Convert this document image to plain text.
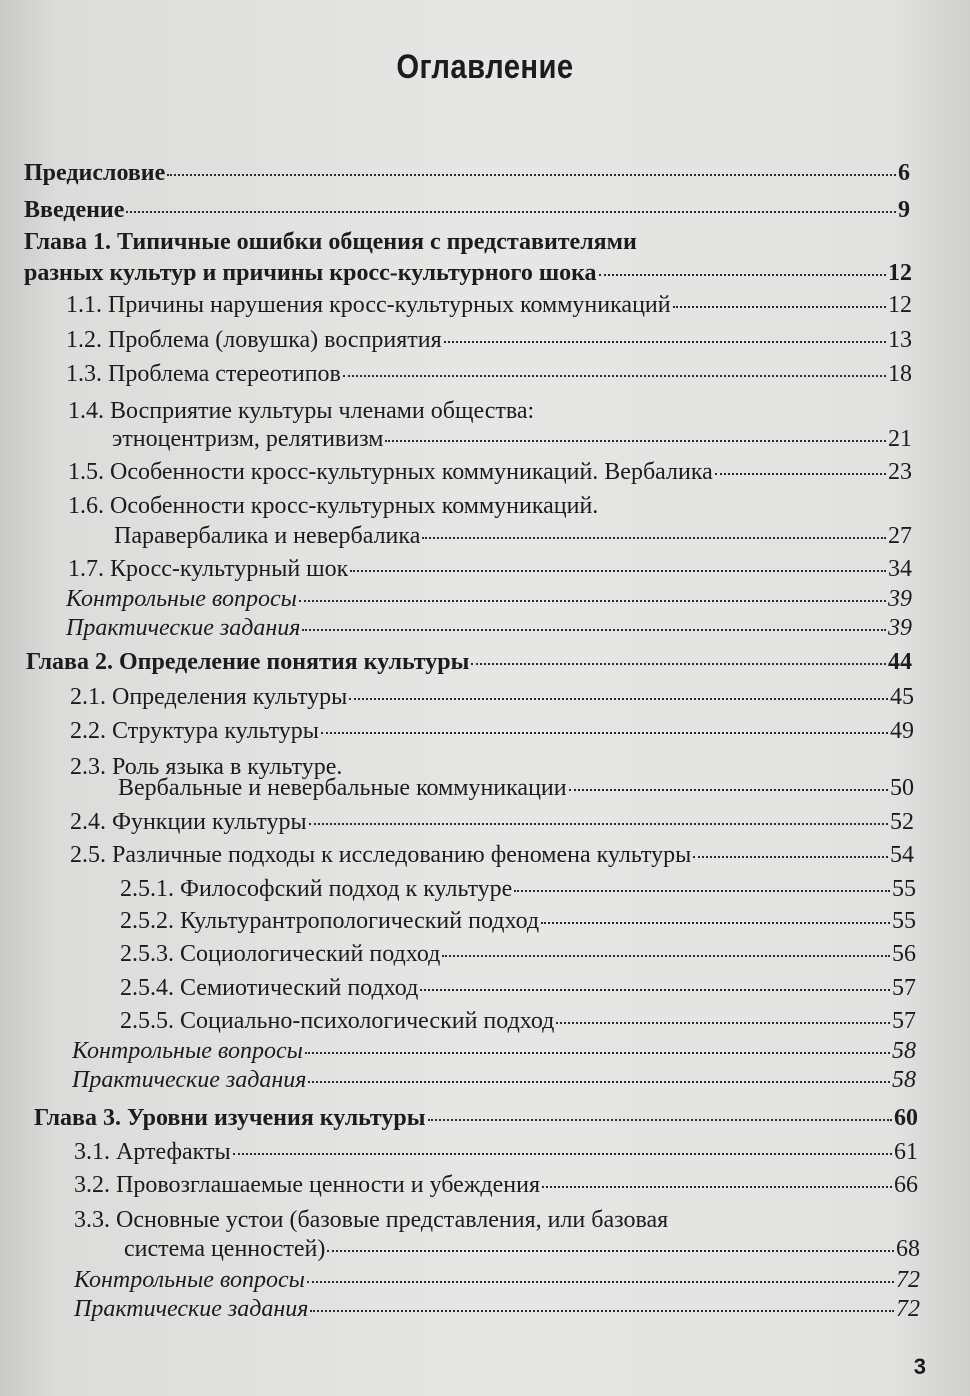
Оглавление
Предисловие	6
Введение	9
Глава 1. Типичные ошибки общения с представителями
разных культур и причины кросс-культурного шока	12
1.1. Причины нарушения кросс-культурных коммуникаций	12
1.2. Проблема (ловушка) восприятия	13
1.3. Проблема стереотипов	18
1.4. Восприятие культуры членами общества:
этноцентризм, релятивизм	21
1.5. Особенности кросс-культурных коммуникаций. Вербалика	23
1.6. Особенности кросс-культурных коммуникаций.
Паравербалика и невербалика	27
1.7. Кросс-культурный шок	34
Контрольные вопросы	39
Практические задания	39
Глава 2. Определение понятия культуры	44
2.1. Определения культуры	45
2.2. Структура культуры	49
2.3. Роль языка в культуре.
Вербальные и невербальные коммуникации	50
2.4. Функции культуры	52
2.5. Различные подходы к исследованию феномена культуры	54
2.5.1. Философский подход к культуре	55
2.5.2. Культурантропологический подход	55
2.5.3. Социологический подход	56
2.5.4. Семиотический подход	57
2.5.5. Социально-психологический подход	57
Контрольные вопросы	58
Практические задания	58
Глава 3. Уровни изучения культуры	60
3.1. Артефакты	61
3.2. Провозглашаемые ценности и убеждения	66
3.3. Основные устои (базовые представления, или базовая
система ценностей)	68
Контрольные вопросы	72
Практические задания	72
3
